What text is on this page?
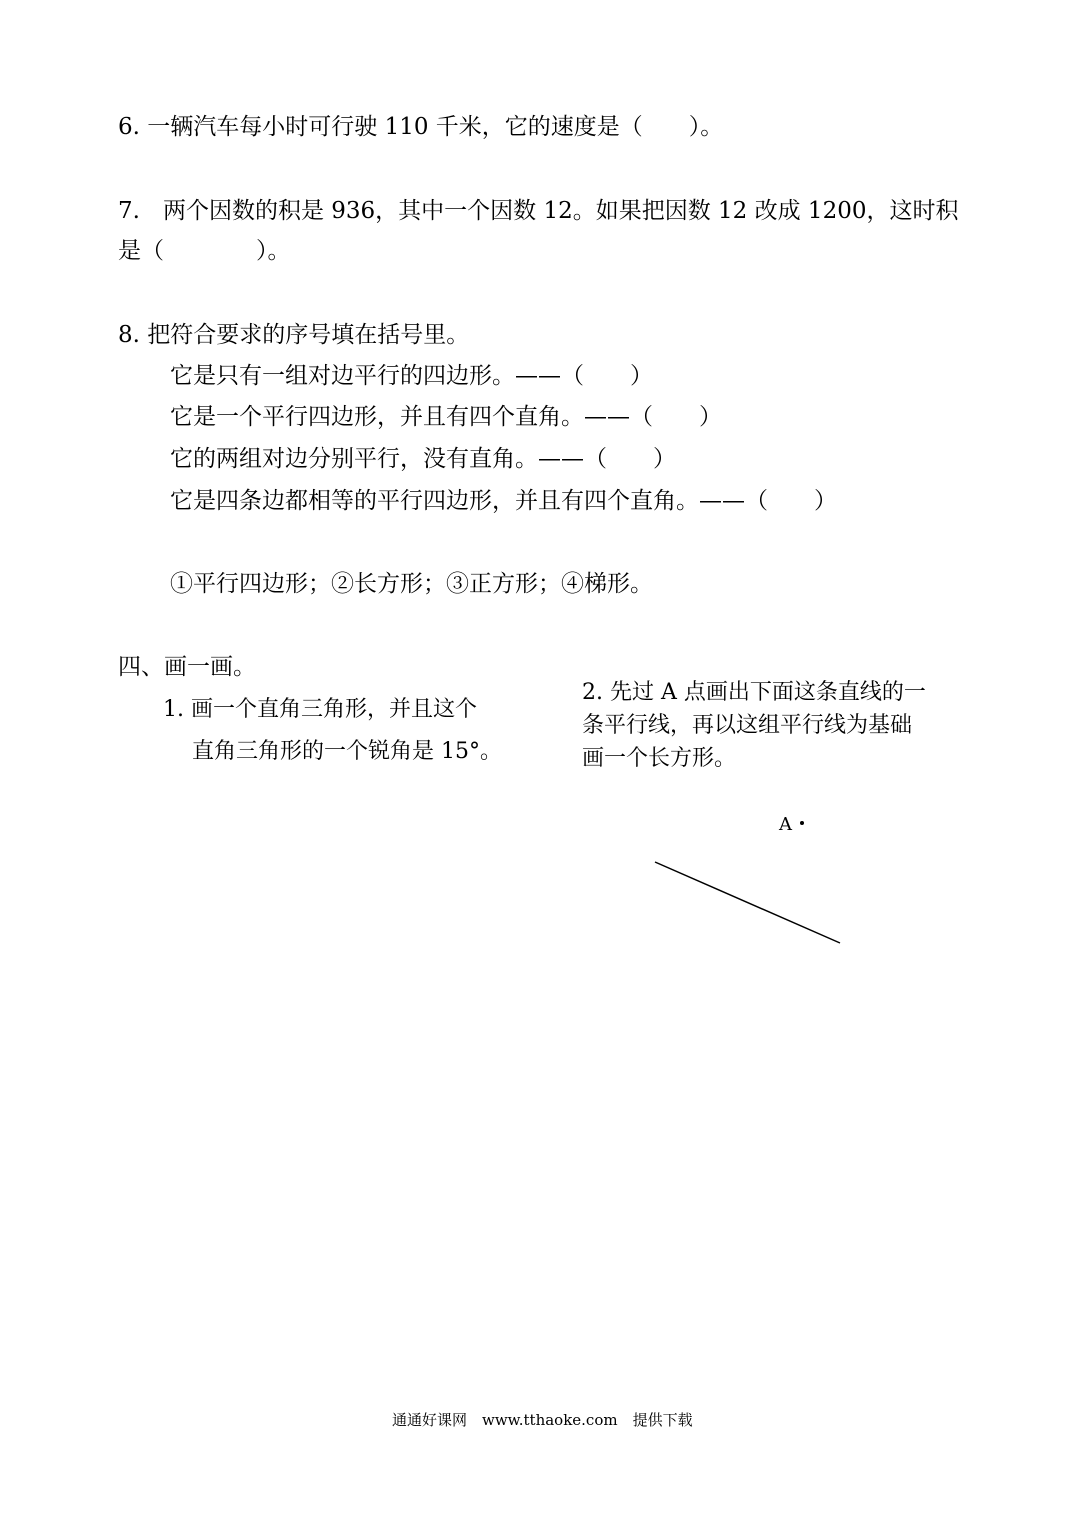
6. 一辆汽车每小时可行驶 110 千米，它的速度是（　　）。
7.　两个因数的积是 936，其中一个因数 12。如果把因数 12 改成 1200，这时积
是（　　　　）。
8. 把符合要求的序号填在括号里。
它是只有一组对边平行的四边形。——（　　）
它是一个平行四边形，并且有四个直角。——（　　）
它的两组对边分别平行，没有直角。——（　　）
它是四条边都相等的平行四边形，并且有四个直角。——（　　）
①平行四边形；②长方形；③正方形；④梯形。
四、画一画。
1. 画一个直角三角形，并且这个
直角三角形的一个锐角是 15°。
2. 先过 A 点画出下面这条直线的一
条平行线，再以这组平行线为基础
画一个长方形。
A
通通好课网　www.tthaoke.com　提供下载
